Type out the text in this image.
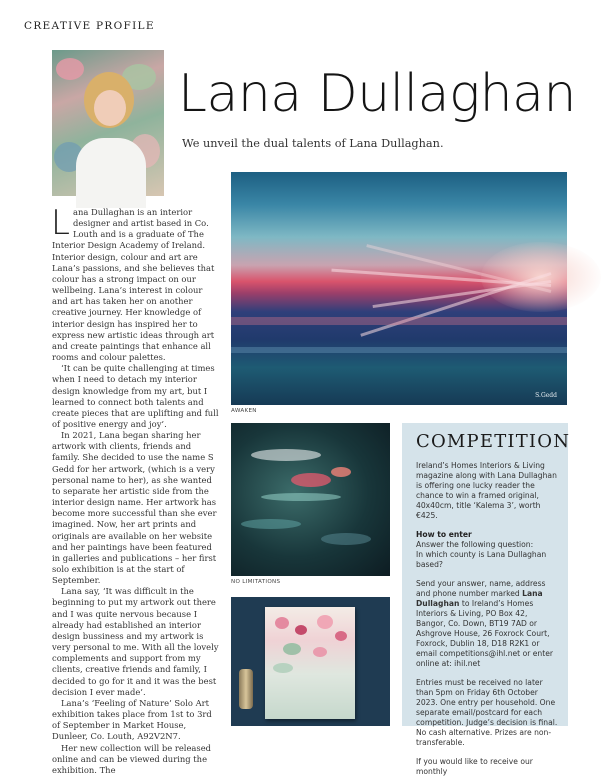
CREATIVE PROFILE
Lana Dullaghan
We unveil the dual talents of Lana Dullaghan.

Lana Dullaghan is an interior designer and artist based in Co. Louth and is a graduate of The Interior Design Academy of Ireland. Interior design, colour and art are Lana’s passions, and she believes that colour has a strong impact on our wellbeing. Lana’s interest in colour and art has taken her on another creative journey. Her knowledge of interior design has inspired her to express new artistic ideas through art and create paintings that enhance all rooms and colour palettes.

‘It can be quite challenging at times when I need to detach my interior design knowledge from my art, but I learned to connect both talents and create pieces that are uplifting and full of positive energy and joy’.

In 2021, Lana began sharing her artwork with clients, friends and family. She decided to use the name S Gedd for her artwork, (which is a very personal name to her), as she wanted to separate her artistic side from the interior design name. Her artwork has become more successful than she ever imagined. Now, her art prints and originals are available on her website and her paintings have been featured in galleries and publications – her first solo exhibition is at the start of September.

Lana say, ‘It was difficult in the beginning to put my artwork out there and I was quite nervous because I already had established an interior design bussiness and my artwork is very personal to me. With all the lovely complements and support from my clients, creative friends and family, I decided to go for it and it was the best decision I ever made’.

Lana’s ‘Feeling of Nature’ Solo Art exhibition takes place from 1st to 3rd of September in Market House, Dunleer, Co. Louth, A92V2N7.

Her new collection will be released online and can be viewed during the exhibition. The

S.Gedd
AWAKEN
NO LIMITATIONS
COMPETITION

Ireland’s Homes Interiors & Living magazine along with Lana Dullaghan is offering one lucky reader the chance to win a framed original, 40x40cm, title ‘Kalema 3’, worth €425.

How to enter

Answer the following question:

In which county is Lana Dullaghan based?

Send your answer, name, address and phone number marked Lana Dullaghan to Ireland’s Homes Interiors & Living, PO Box 42, Bangor, Co. Down, BT19 7AD or Ashgrove House, 26 Foxrock Court, Foxrock, Dublin 18, D18 R2K1 or email competitions@ihl.net or enter online at: ihil.net

Entries must be received no later than 5pm on Friday 6th October 2023. One entry per household. One separate email/postcard for each competition. Judge’s decision is final. No cash alternative. Prizes are non-transferable.

If you would like to receive our monthly
